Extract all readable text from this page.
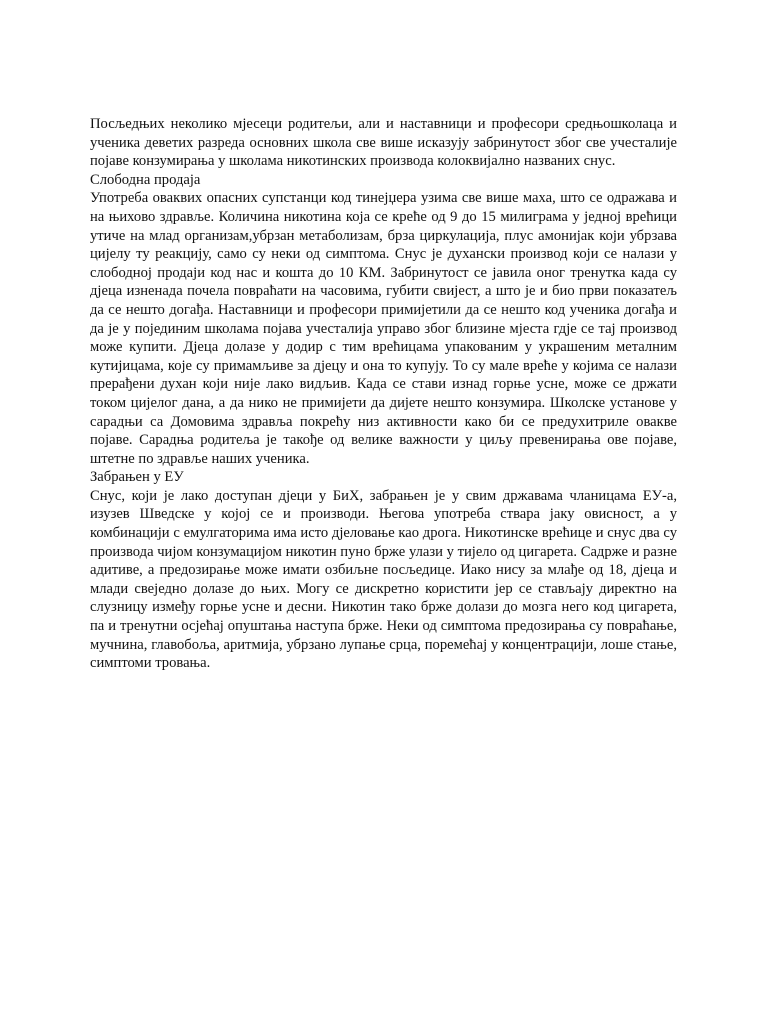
Посљедњих неколико мјесеци родитељи, али и наставници и професори средњошколаца и ученика деветих разреда основних школа све више исказују забринутост због све учесталије појаве конзумирања у школама никотинских производа колоквијално названих снус.

Слободна продаја

Употреба оваквих опасних супстанци код тинејџера узима све више маха, што се одражава и на њихово здравље. Количина никотина која се креће од 9 до 15 милиграма у једној врећици утиче на млад организам,убрзан метаболизам, брза циркулација, плус амонијак који убрзава цијелу ту реакцију, само су неки од симптома. Снус је духански производ који се налази у слободној продаји код нас и кошта до 10 КМ. Забринутост се јавила оног тренутка када су дјеца изненада почела повраћати на часовима, губити свијест, а што је и био први показатељ да се нешто догађа. Наставници и професори примијетили да се нешто код ученика догађа и да је у појединим школама појава учесталија управо због близине мјеста гдје се тај производ може купити. Дјеца долазе у додир с тим врећицама упакованим у украшеним металним кутијицама, које су примамљиве за дјецу и она то купују. То су мале врећe у којима се налази прерађени духан који није лако видљив. Када се стави изнад горње усне, може се држати током цијелог дана, а да нико не примијети да дијете нешто конзумира. Школске установе у сарадњи са Домовима здравља покрећу низ активности како би се предухитриле овакве појаве. Сарадња родитеља је такође од велике важности у циљу превенирања ове појаве, штетне по здравље наших ученика.

Забрањен у ЕУ

Снус, који је лако доступан дјеци у БиХ, забрањен је у свим државама чланицама ЕУ-а, изузев Шведске у којој се и производи. Његова употреба ствара јаку овисност, а у комбинацији с емулгаторима има исто дјеловање као дрога. Никотинске врећице и снус два су производа чијом конзумацијом никотин пуно брже улази у тијело од цигарета. Садрже и разне адитиве, а предозирање може имати озбиљне посљедице. Иако нису за млађе од 18, дјеца и млади свеједно долазе до њих. Могу се дискретно користити јер се стављају директно на слузницу између горње усне и десни. Никотин тако брже долази до мозга него код цигарета, па и тренутни осјећај опуштања наступа брже. Неки од симптома предозирања су повраћање, мучнина, главобоља, аритмија, убрзано лупање срца, поремећај у концентрацији, лоше стање, симптоми тровања.
